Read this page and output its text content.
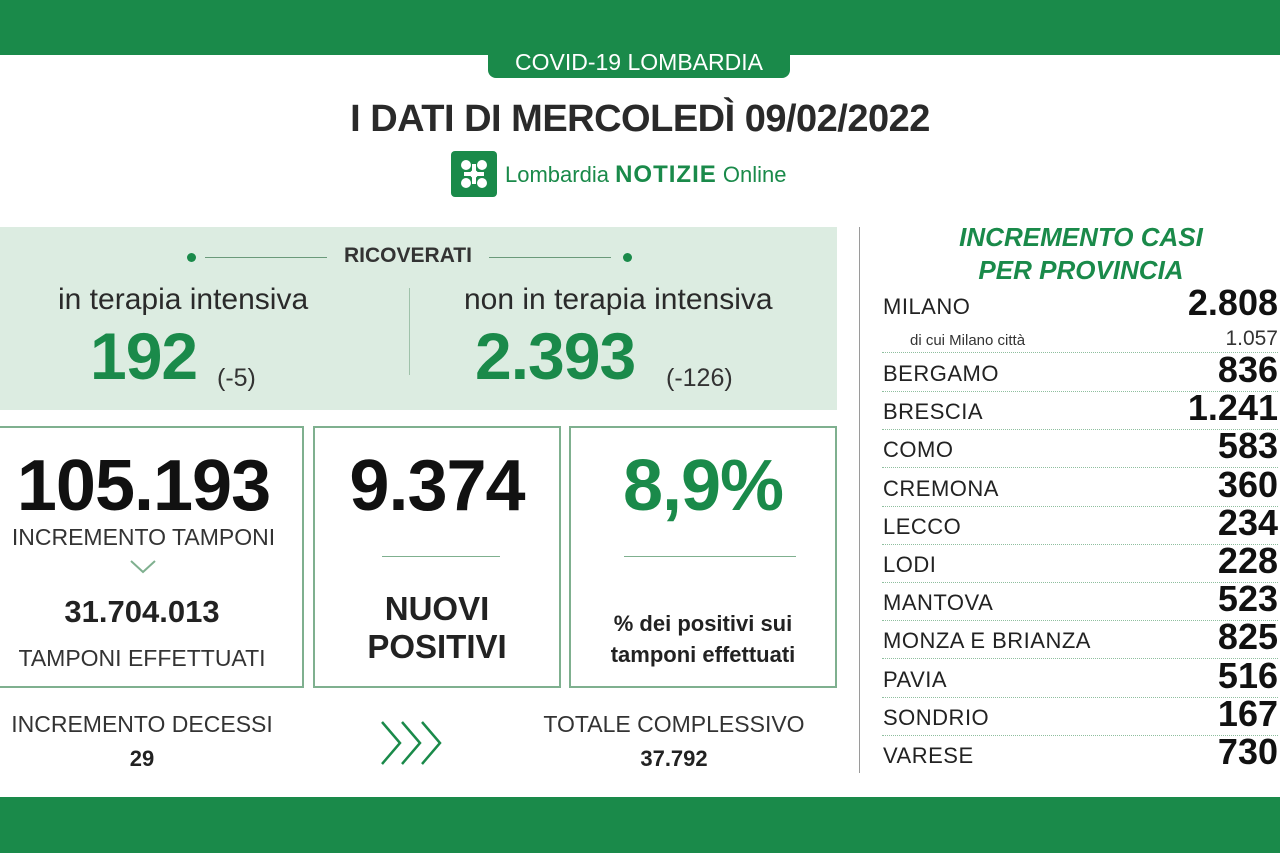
COVID-19 LOMBARDIA
I DATI DI MERCOLEDÌ 09/02/2022
Lombardia NOTIZIE Online
RICOVERATI
in terapia intensiva
192 (-5)
non in terapia intensiva
2.393 (-126)
105.193
INCREMENTO TAMPONI
31.704.013
TAMPONI EFFETTUATI
9.374
NUOVI
POSITIVI
8,9%
% dei positivi sui
tamponi effettuati
INCREMENTO DECESSI
29
TOTALE COMPLESSIVO
37.792
INCREMENTO CASI
PER PROVINCIA
MILANO	2.808
di cui Milano città	1.057
BERGAMO	836
BRESCIA	1.241
COMO	583
CREMONA	360
LECCO	234
LODI	228
MANTOVA	523
MONZA E BRIANZA	825
PAVIA	516
SONDRIO	167
VARESE	730
